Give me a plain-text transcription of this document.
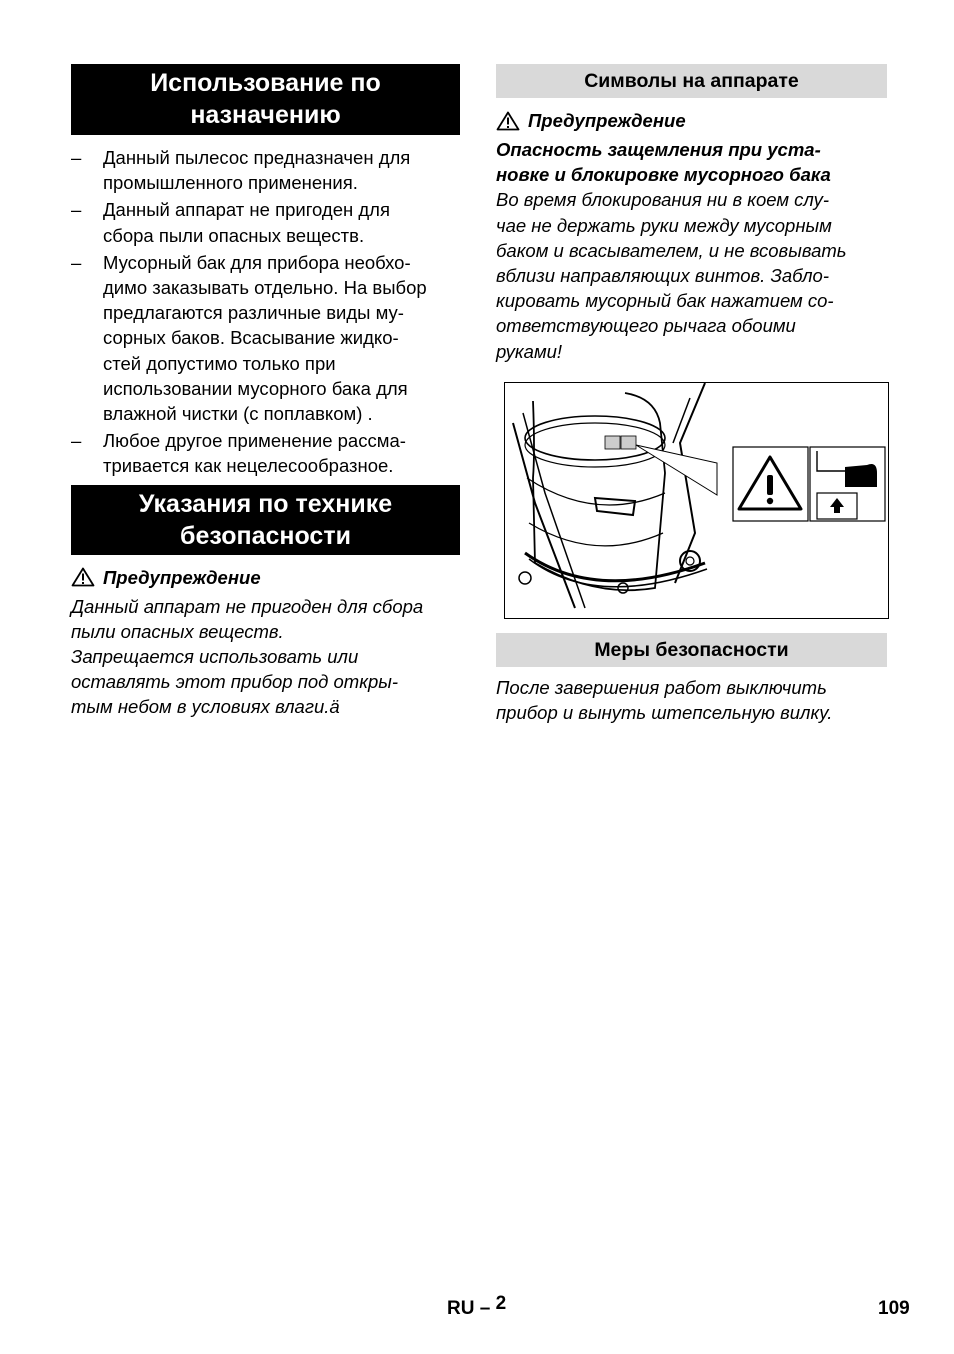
Использование по
назначению
– Данный пылесос предназначен для
промышленного применения.
– Данный аппарат не пригоден для
сбора пыли опасных веществ.
– Мусорный бак для прибора необхо-
димо заказывать отдельно. На выбор
предлагаются различные виды му-
сорных баков. Всасывание жидко-
стей допустимо только при
использовании мусорного бака для
влажной чистки (с поплавком) .
– Любое другое применение рассма-
тривается как нецелесообразное.
Указания по технике
безопасности
Предупреждение
Данный аппарат не пригоден для сбора
пыли опасных веществ.
Запрещается использовать или
оставлять этот прибор под откры-
тым небом в условиях влаги.ä
Символы на аппарате
Предупреждение
Опасность защемления при уста-
новке и блокировке мусорного бака
Во время блокирования ни в коем слу-
чае не держать руки между мусорным
баком и всасывателем, и не всовывать
вблизи направляющих винтов. Забло-
кировать мусорный бак нажатием со-
ответствующего рычага обоими
руками!
Меры безопасности
После завершения работ выключить
прибор и вынуть штепсельную вилку.
RU – 2	109
